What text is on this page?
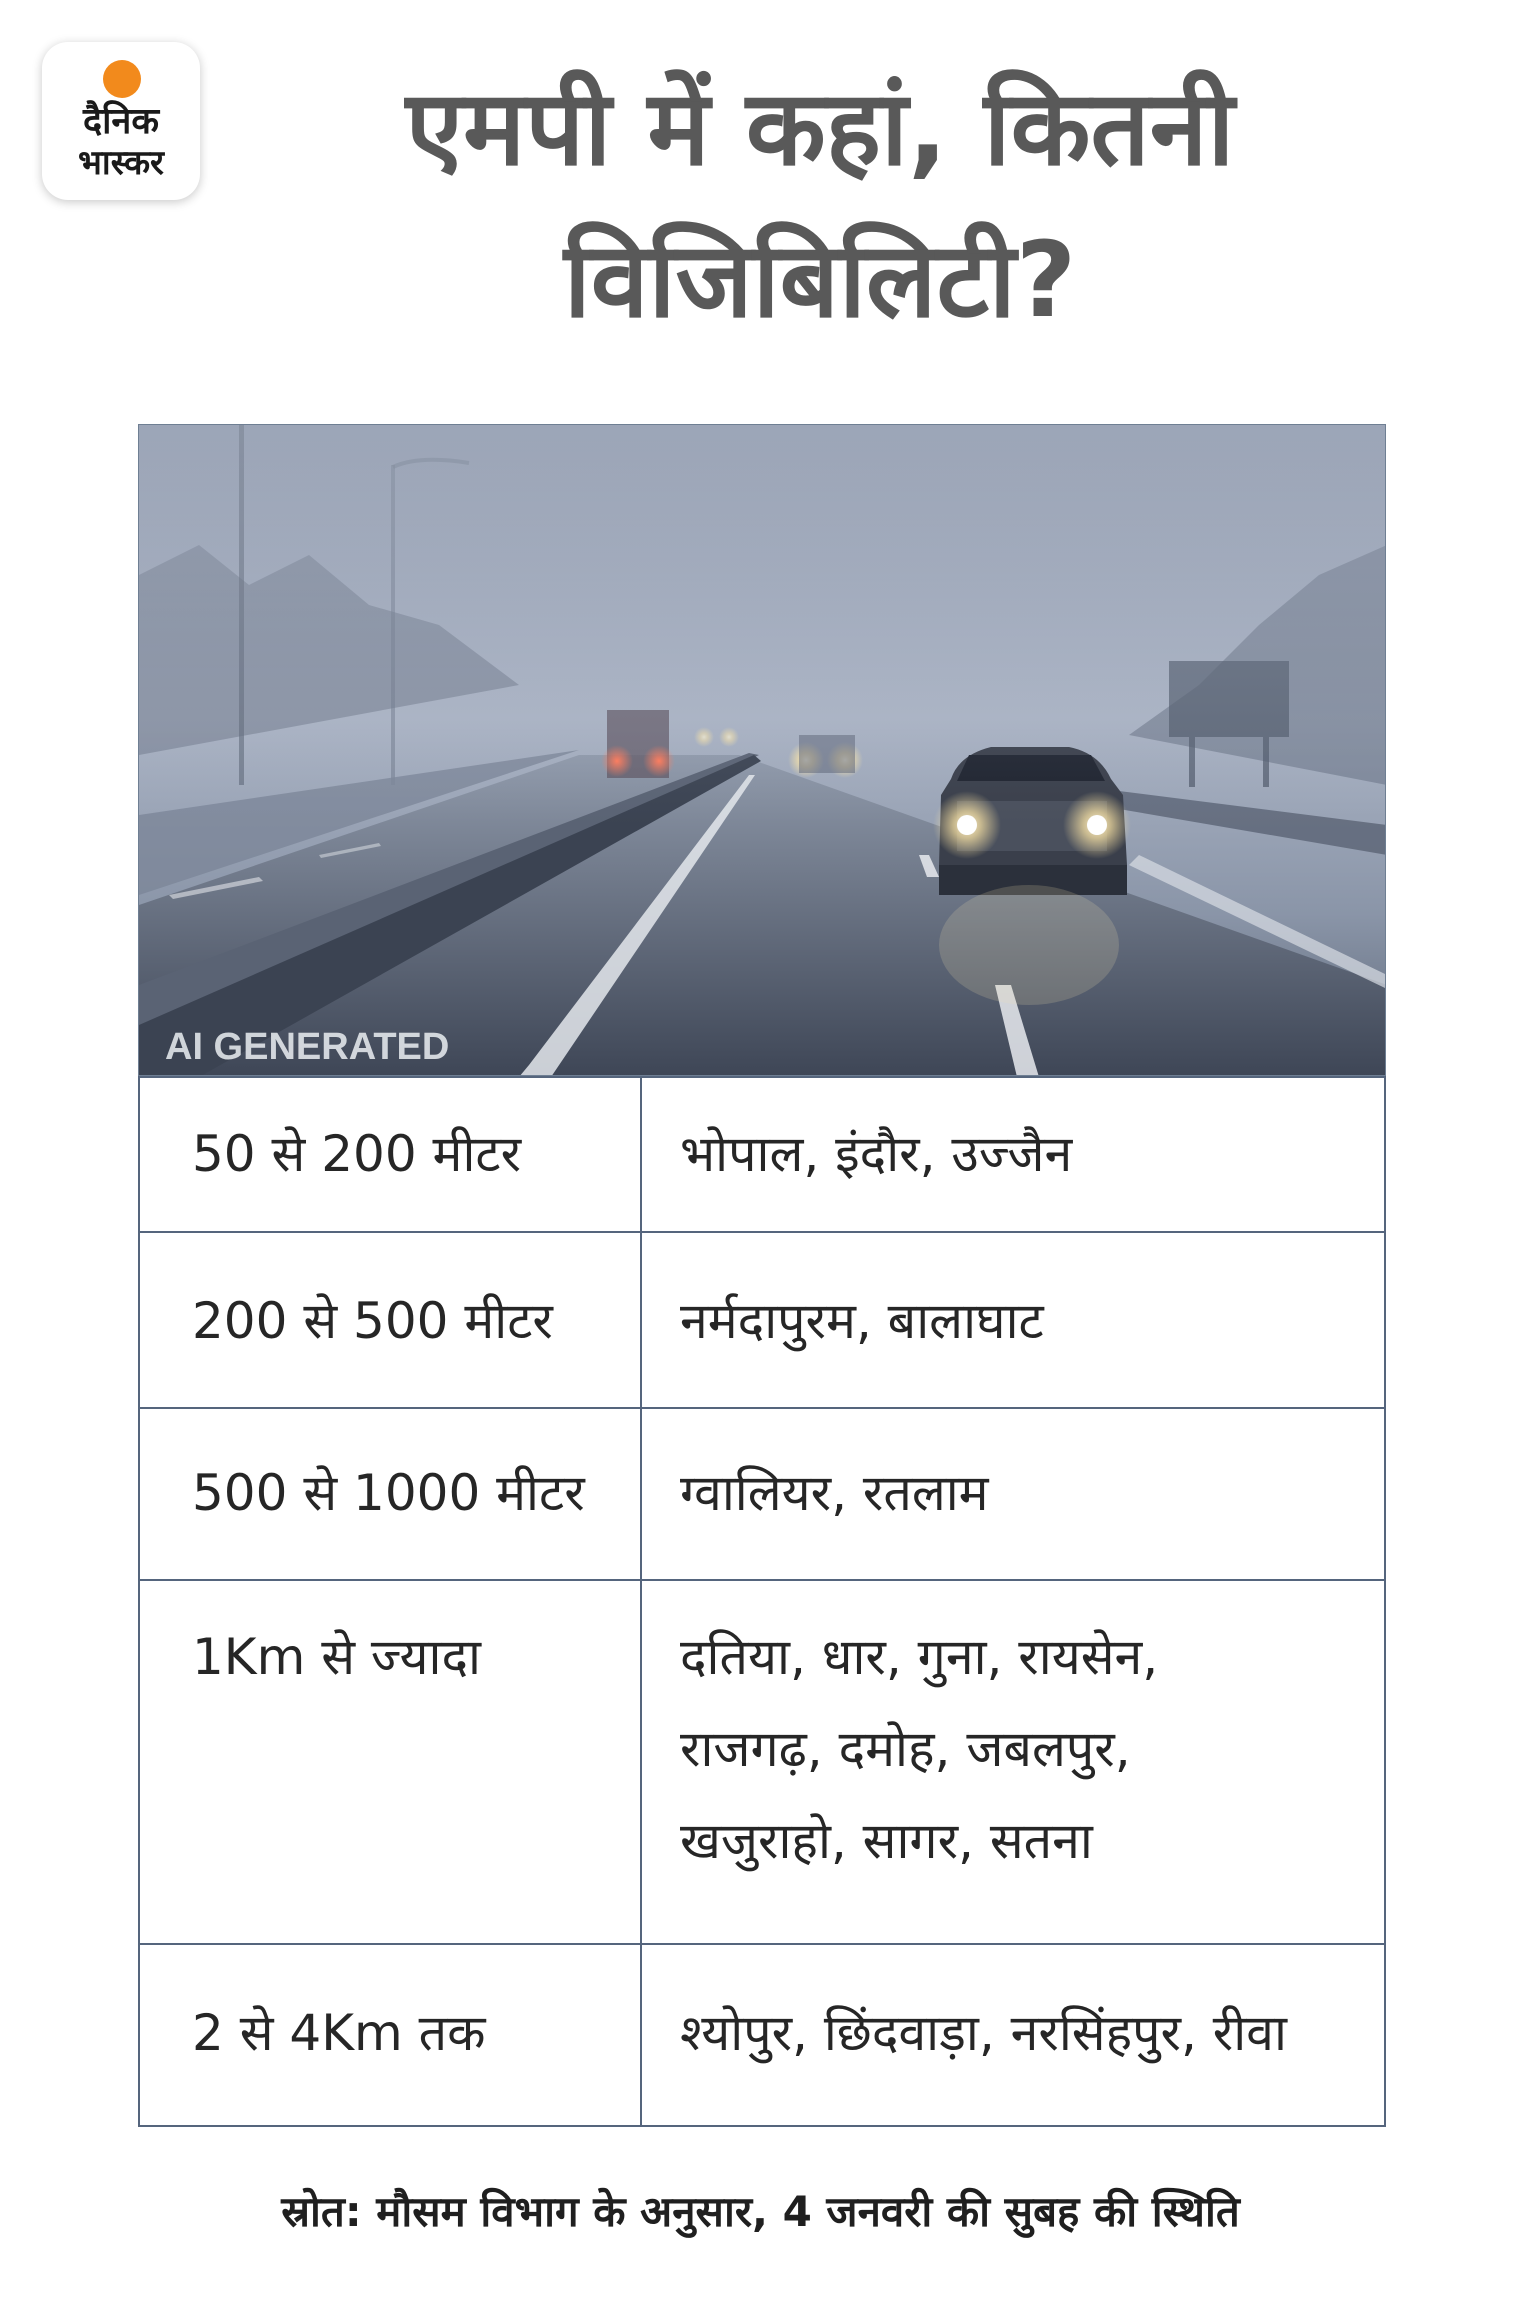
दैनिक
भास्कर	एमपी में कहां, कितनी विजिबिलिटी?
AI GENERATED
50 से 200 मीटर	भोपाल, इंदौर, उज्जैन

200 से 500 मीटर	नर्मदापुरम, बालाघाट

500 से 1000 मीटर	ग्वालियर, रतलाम

1Km से ज्यादा	दतिया, धार, गुना, रायसेन,
राजगढ़, दमोह, जबलपुर,
खजुराहो, सागर, सतना

2 से 4Km तक	श्योपुर, छिंदवाड़ा, नरसिंहपुर, रीवा
स्रोत: मौसम विभाग के अनुसार, 4 जनवरी की सुबह की स्थिति
